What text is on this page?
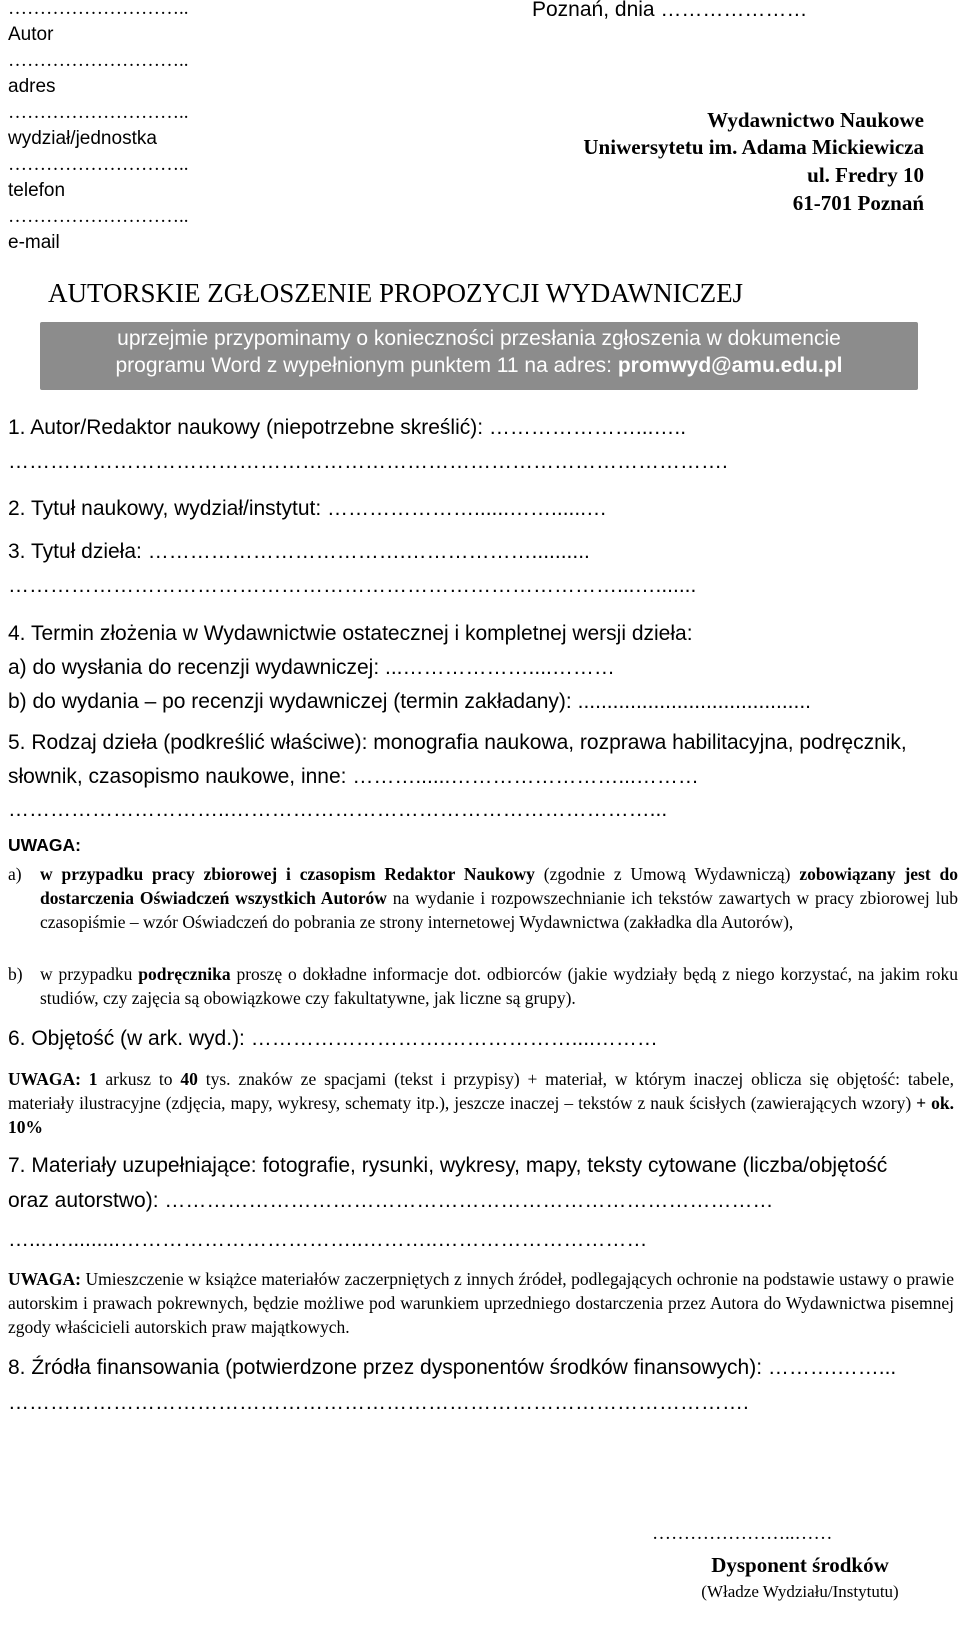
………………………..
Autor
………………………..
adres
………………………..
wydział/jednostka
………………………..
telefon
………………………..
e-mail
Poznań, dnia …………………
Wydawnictwo Naukowe
Uniwersytetu im. Adama Mickiewicza
ul. Fredry 10
61-701 Poznań
AUTORSKIE ZGŁOSZENIE PROPOZYCJI WYDAWNICZEJ
uprzejmie przypominamy o konieczności przesłania zgłoszenia w dokumencie
programu Word z wypełnionym punktem 11 na adres: promwyd@amu.edu.pl
1. Autor/Redaktor naukowy (niepotrzebne skreślić): …………………...…..
………………………………………………………………………………………….
2. Tytuł naukowy, wydział/instytut: …………………......……......…
3. Tytuł dzieła: ……………………………….………………..........
……………………………………………………………………………...….......
4. Termin złożenia w Wydawnictwie ostatecznej i kompletnej wersji dzieła:
a) do wysłania do recenzji wydawniczej: ...………………....………
b) do wydania – po recenzji wydawniczej (termin zakładany): ........................................
5. Rodzaj dzieła (podkreślić właściwe): monografia naukowa, rozprawa habilitacyjna, podręcznik,
słownik, czasopismo naukowe, inne: ………......……………………...………
…………………………..……………………………………………………...
UWAGA:
a) w przypadku pracy zbiorowej i czasopism Redaktor Naukowy (zgodnie z Umową Wydawniczą) zobowiązany jest do dostarczenia Oświadczeń wszystkich Autorów na wydanie i rozpowszechnianie ich tekstów zawartych w pracy zbiorowej lub czasopiśmie – wzór Oświadczeń do pobrania ze strony internetowej Wydawnictwa (zakładka dla Autorów),
b) w przypadku podręcznika proszę o dokładne informacje dot. odbiorców (jakie wydziały będą z niego korzystać, na jakim roku studiów, czy zajęcia są obowiązkowe czy fakultatywne, jak liczne są grupy).
6. Objętość (w ark. wyd.): ……………………….………………....………
UWAGA: 1 arkusz to 40 tys. znaków ze spacjami (tekst i przypisy) + materiał, w którym inaczej oblicza się objętość: tabele, materiały ilustracyjne (zdjęcia, mapy, wykresy, schematy itp.), jeszcze inaczej – tekstów z nauk ścisłych (zawierających wzory) + ok. 10%
7. Materiały uzupełniające: fotografie, rysunki, wykresy, mapy, teksty cytowane (liczba/objętość
oraz autorstwo): ……………………………………………………………………………
…...….........……………………………..………..…………………………
UWAGA: Umieszczenie w książce materiałów zaczerpniętych z innych źródeł, podlegających ochronie na podstawie ustawy o prawie autorskim i prawach pokrewnych, będzie możliwe pod warunkiem uprzedniego dostarczenia przez Autora do Wydawnictwa pisemnej zgody właścicieli autorskich praw majątkowych.
8. Źródła finansowania (potwierdzone przez dysponentów środków finansowych): ……….……...
…………………………………………………………………………………………….
…………………..……
Dysponent środków
(Władze Wydziału/Instytutu)
